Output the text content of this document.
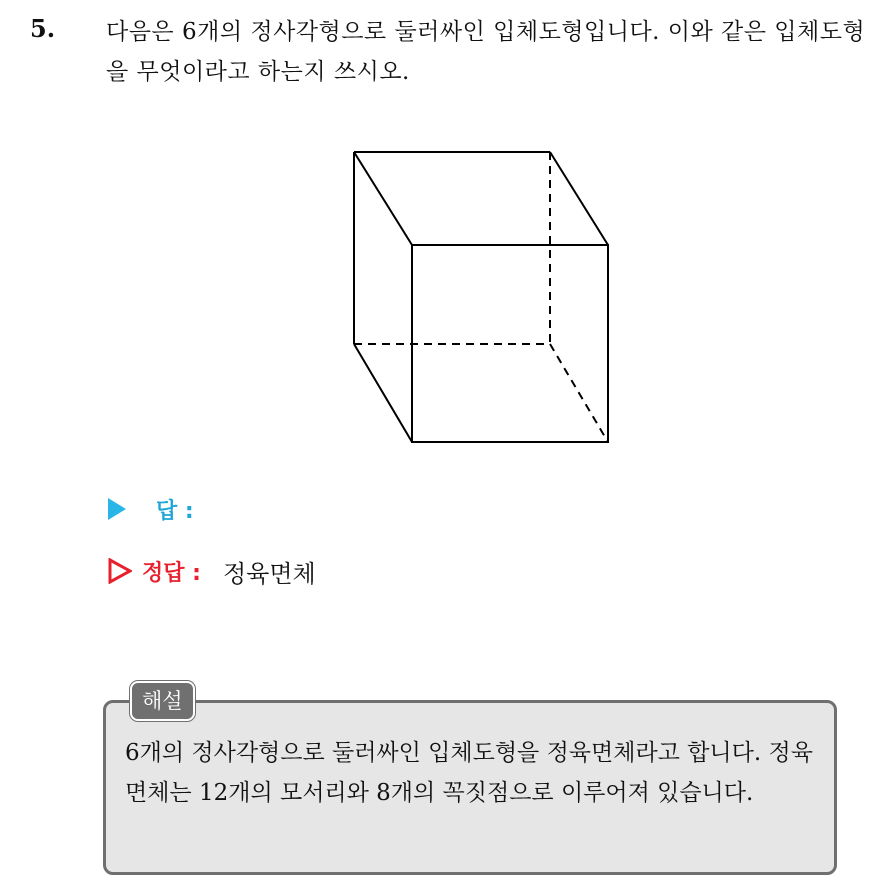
5. 다음은 6개의 정사각형으로 둘러싸인 입체도형입니다. 이와 같은 입체도형을 무엇이라고 하는지 쓰시오.
답 :
정답 : 정육면체
해설
6개의 정사각형으로 둘러싸인 입체도형을 정육면체라고 합니다. 정육면체는 12개의 모서리와 8개의 꼭짓점으로 이루어져 있습니다.
